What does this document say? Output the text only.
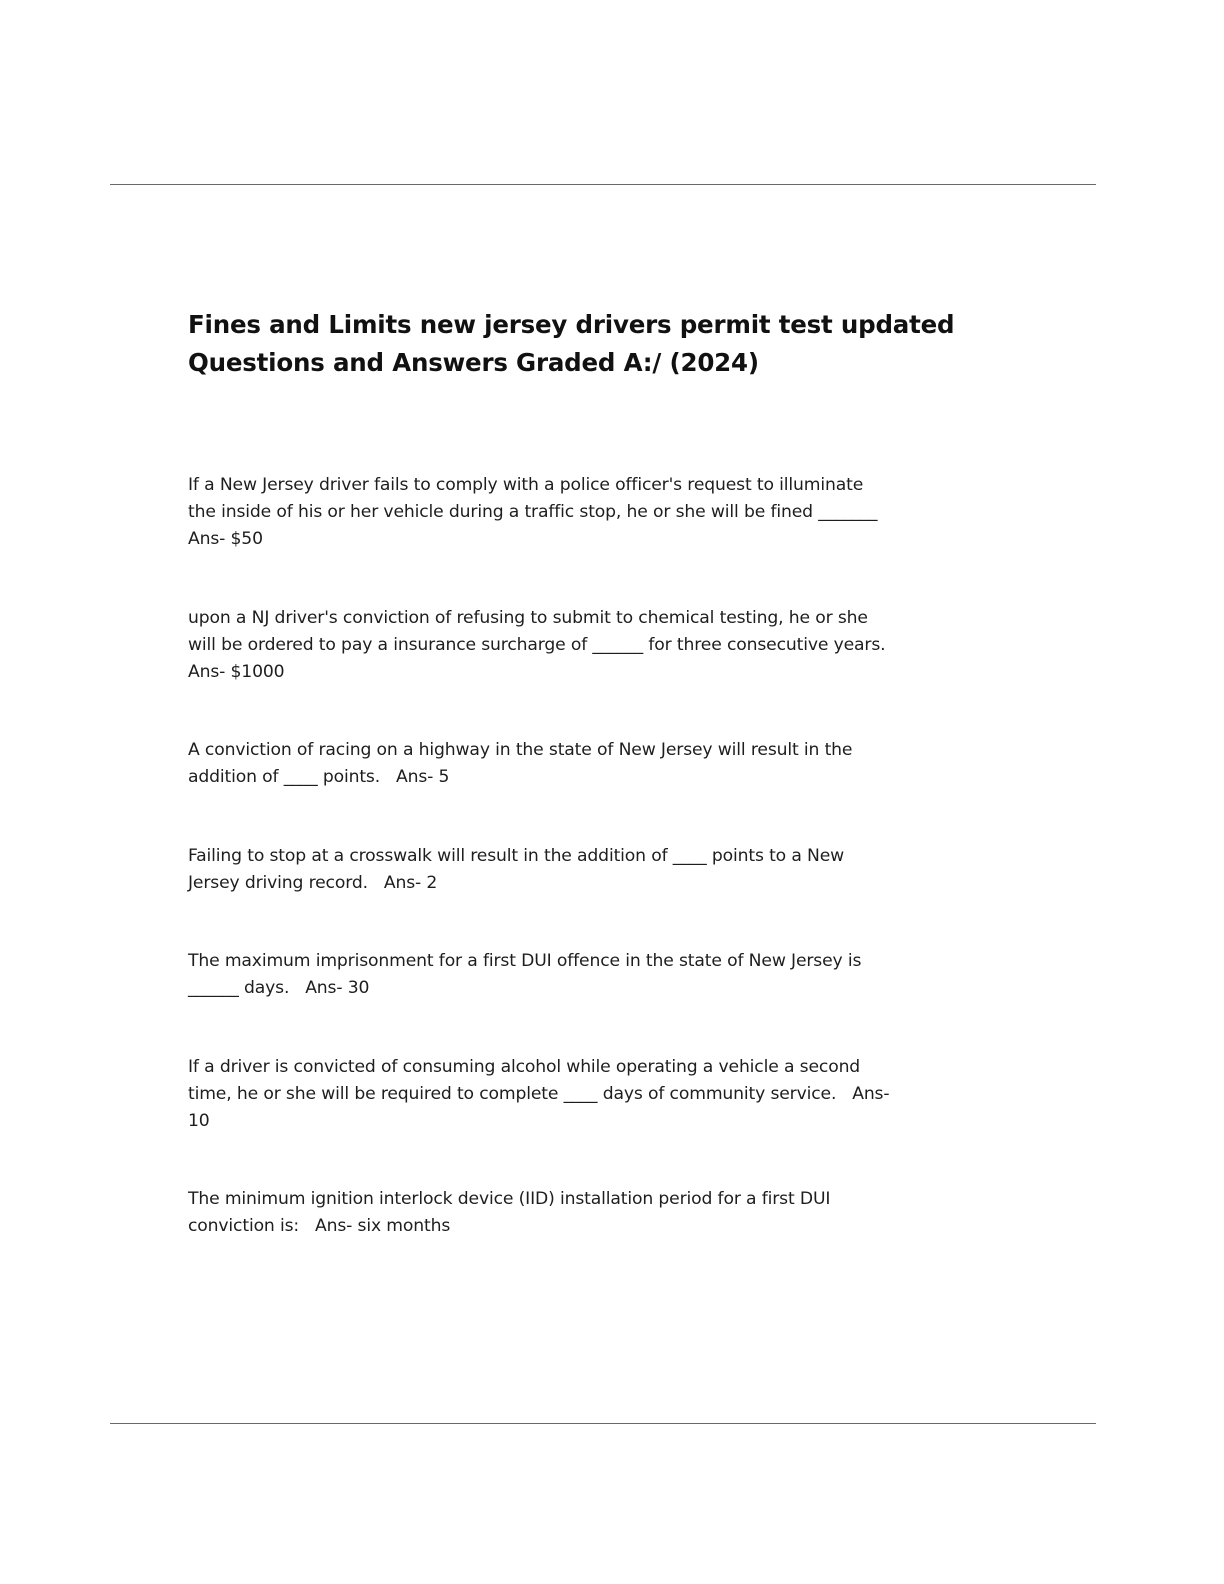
Fines and Limits new jersey drivers permit test updated
Questions and Answers Graded A:/ (2024)
If a New Jersey driver fails to comply with a police officer's request to illuminate
the inside of his or her vehicle during a traffic stop, he or she will be fined _______
Ans- $50
upon a NJ driver's conviction of refusing to submit to chemical testing, he or she
will be ordered to pay a insurance surcharge of ______ for three consecutive years.
Ans- $1000
A conviction of racing on a highway in the state of New Jersey will result in the
addition of ____ points.   Ans- 5
Failing to stop at a crosswalk will result in the addition of ____ points to a New
Jersey driving record.   Ans- 2
The maximum imprisonment for a first DUI offence in the state of New Jersey is
______ days.   Ans- 30
If a driver is convicted of consuming alcohol while operating a vehicle a second
time, he or she will be required to complete ____ days of community service.   Ans-
10
The minimum ignition interlock device (IID) installation period for a first DUI
conviction is:   Ans- six months
